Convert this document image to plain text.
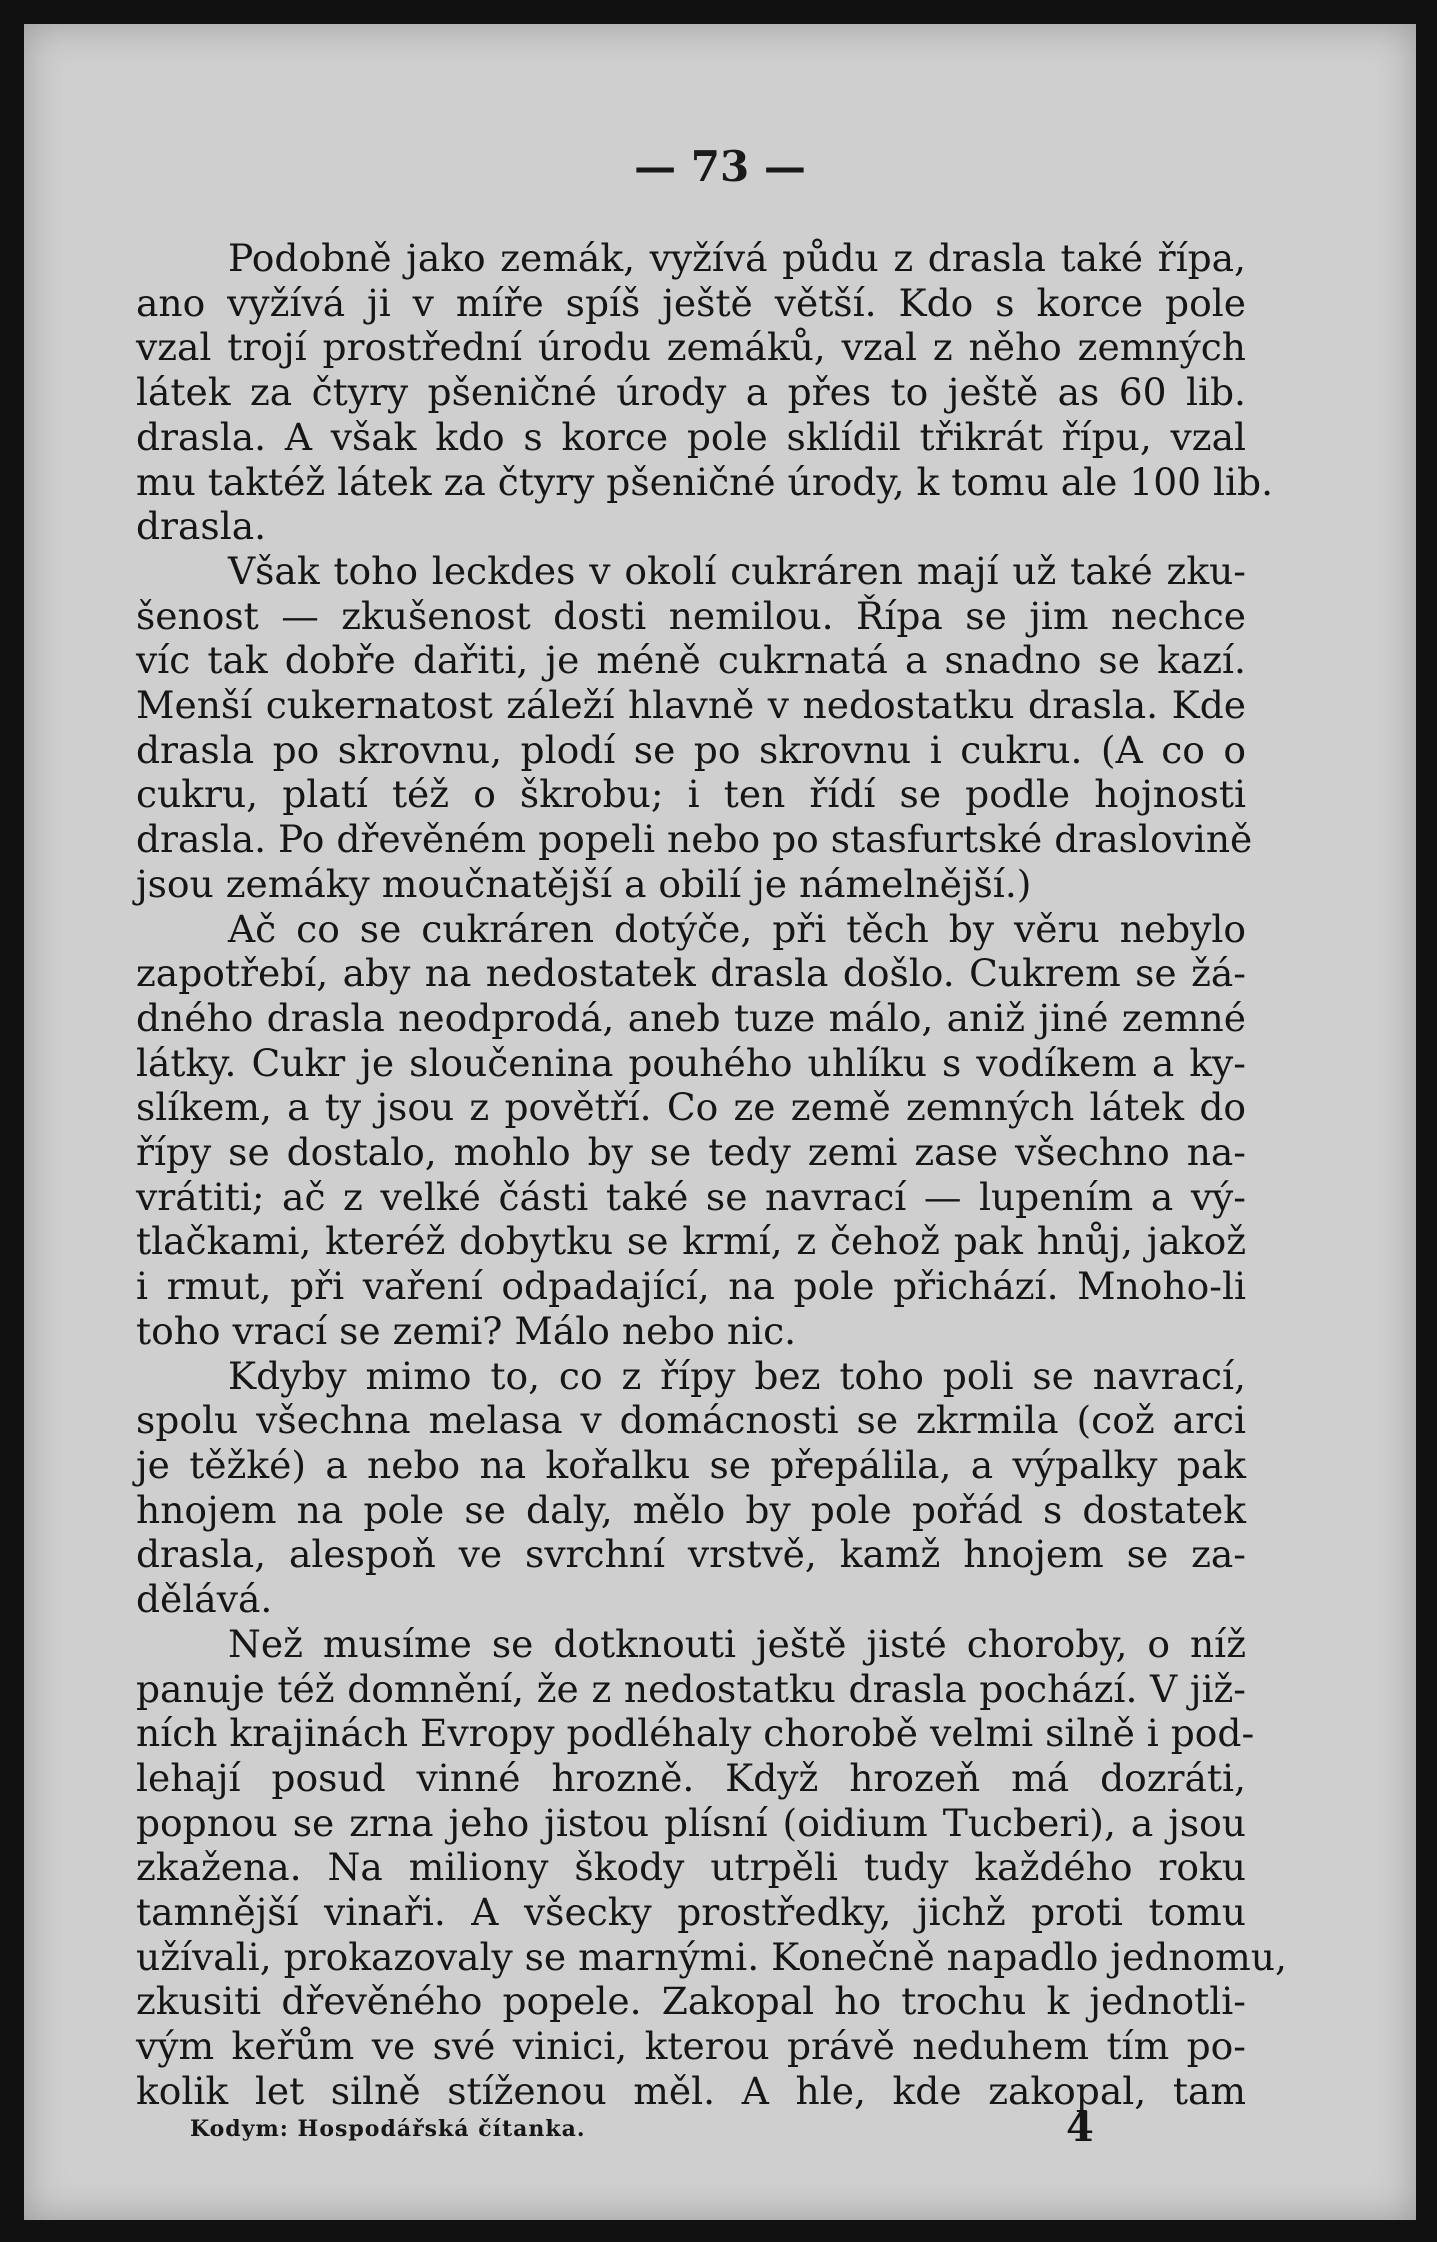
— 73 —
Podobně jako zemák, vyžívá půdu z drasla také řípa,
ano vyžívá ji v míře spíš ještě větší. Kdo s korce pole
vzal trojí prostřední úrodu zemáků, vzal z něho zemných
látek za čtyry pšeničné úrody a přes to ještě as 60 lib.
drasla. A však kdo s korce pole sklídil třikrát řípu, vzal
mu taktéž látek za čtyry pšeničné úrody, k tomu ale 100 lib.
drasla.
Však toho leckdes v okolí cukráren mají už také zku-
šenost — zkušenost dosti nemilou. Řípa se jim nechce
víc tak dobře dařiti, je méně cukrnatá a snadno se kazí.
Menší cukernatost záleží hlavně v nedostatku drasla. Kde
drasla po skrovnu, plodí se po skrovnu i cukru. (A co o
cukru, platí též o škrobu; i ten řídí se podle hojnosti
drasla. Po dřevěném popeli nebo po stasfurtské draslovině
jsou zemáky moučnatější a obilí je námelnější.)
Ač co se cukráren dotýče, při těch by věru nebylo
zapotřebí, aby na nedostatek drasla došlo. Cukrem se žá-
dného drasla neodprodá, aneb tuze málo, aniž jiné zemné
látky. Cukr je sloučenina pouhého uhlíku s vodíkem a ky-
slíkem, a ty jsou z povětří. Co ze země zemných látek do
řípy se dostalo, mohlo by se tedy zemi zase všechno na-
vrátiti; ač z velké části také se navrací — lupením a vý-
tlačkami, kteréž dobytku se krmí, z čehož pak hnůj, jakož
i rmut, při vaření odpadající, na pole přichází. Mnoho-li
toho vrací se zemi? Málo nebo nic.
Kdyby mimo to, co z řípy bez toho poli se navrací,
spolu všechna melasa v domácnosti se zkrmila (což arci
je těžké) a nebo na kořalku se přepálila, a výpalky pak
hnojem na pole se daly, mělo by pole pořád s dostatek
drasla, alespoň ve svrchní vrstvě, kamž hnojem se za-
dělává.
Než musíme se dotknouti ještě jisté choroby, o níž
panuje též domnění, že z nedostatku drasla pochází. V již-
ních krajinách Evropy podléhaly chorobě velmi silně i pod-
lehají posud vinné hrozně. Když hrozeň má dozráti,
popnou se zrna jeho jistou plísní (oidium Tucberi), a jsou
zkažena. Na miliony škody utrpěli tudy každého roku
tamnější vinaři. A všecky prostředky, jichž proti tomu
užívali, prokazovaly se marnými. Konečně napadlo jednomu,
zkusiti dřevěného popele. Zakopal ho trochu k jednotli-
vým keřům ve své vinici, kterou právě neduhem tím po-
kolik let silně stíženou měl. A hle, kde zakopal, tam
Kodym: Hospodářská čítanka.	4
